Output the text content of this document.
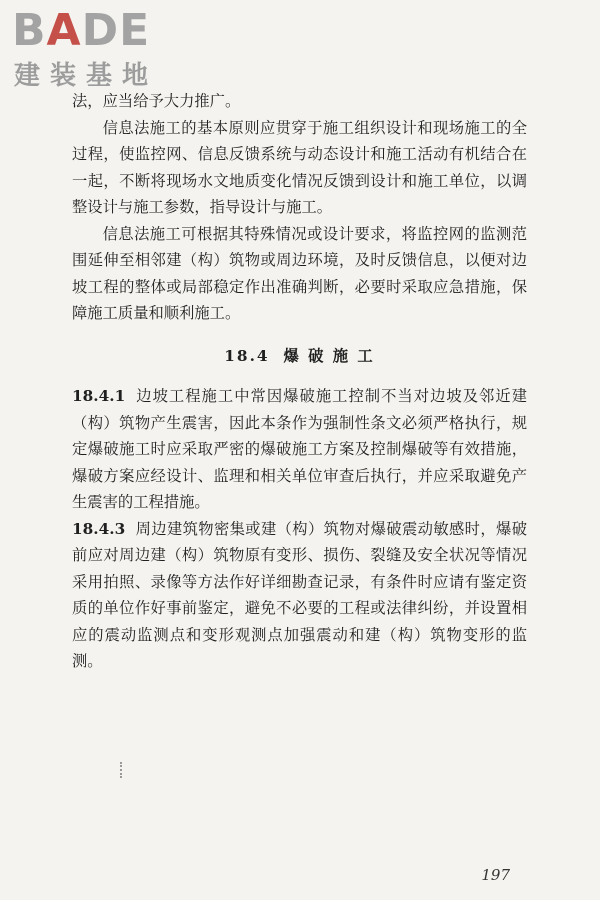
BADE
建装基地

法，应当给予大力推广。

信息法施工的基本原则应贯穿于施工组织设计和现场施工的全过程，使监控网、信息反馈系统与动态设计和施工活动有机结合在一起，不断将现场水文地质变化情况反馈到设计和施工单位，以调整设计与施工参数，指导设计与施工。

信息法施工可根据其特殊情况或设计要求，将监控网的监测范围延伸至相邻建（构）筑物或周边环境，及时反馈信息，以便对边坡工程的整体或局部稳定作出准确判断，必要时采取应急措施，保障施工质量和顺利施工。

18.4 爆 破 施 工

18.4.1 边坡工程施工中常因爆破施工控制不当对边坡及邻近建（构）筑物产生震害，因此本条作为强制性条文必须严格执行，规定爆破施工时应采取严密的爆破施工方案及控制爆破等有效措施，爆破方案应经设计、监理和相关单位审查后执行，并应采取避免产生震害的工程措施。

18.4.3 周边建筑物密集或建（构）筑物对爆破震动敏感时，爆破前应对周边建（构）筑物原有变形、损伤、裂缝及安全状况等情况采用拍照、录像等方法作好详细勘查记录，有条件时应请有鉴定资质的单位作好事前鉴定，避免不必要的工程或法律纠纷，并设置相应的震动监测点和变形观测点加强震动和建（构）筑物变形的监测。

197
